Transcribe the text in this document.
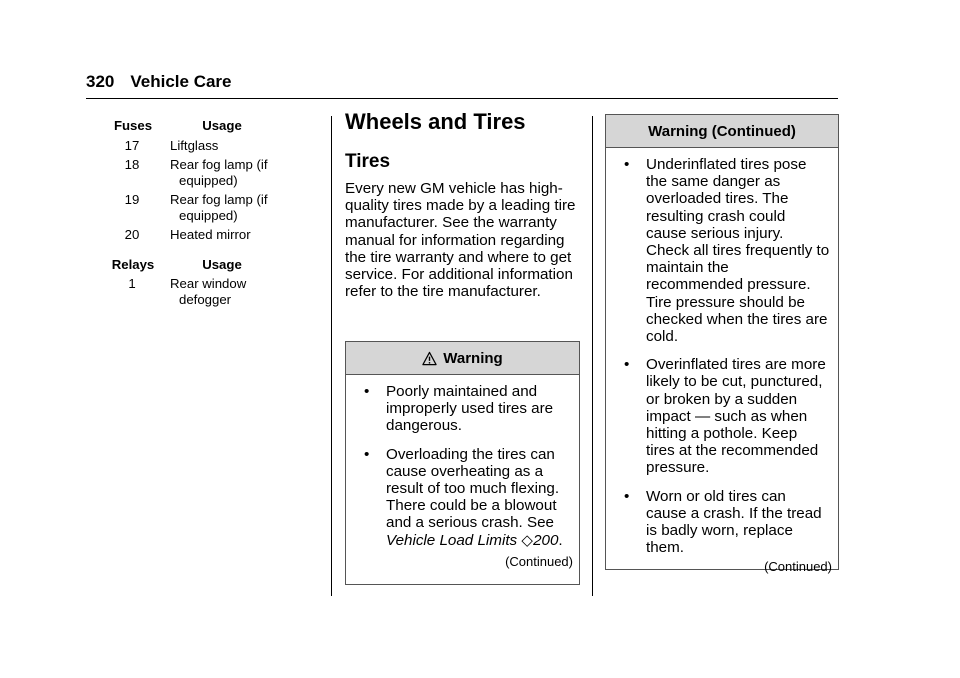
320 Vehicle Care
Fuses	Usage
17	Liftglass
18	Rear fog lamp (if
equipped)
19	Rear fog lamp (if
equipped)
20	Heated mirror
Relays	Usage
1	Rear window
defogger
Wheels and Tires
Tires

Every new GM vehicle has high-quality tires made by a leading tire manufacturer. See the warranty manual for information regarding the tire warranty and where to get service. For additional information refer to the tire manufacturer.

Warning
• Poorly maintained and improperly used tires are dangerous.
• Overloading the tires can cause overheating as a result of too much flexing. There could be a blowout and a serious crash. See Vehicle Load Limits ◇200.
(Continued)
Warning (Continued)
• Underinflated tires pose the same danger as overloaded tires. The resulting crash could cause serious injury. Check all tires frequently to maintain the recommended pressure. Tire pressure should be checked when the tires are cold.
• Overinflated tires are more likely to be cut, punctured, or broken by a sudden impact — such as when hitting a pothole. Keep tires at the recommended pressure.
• Worn or old tires can cause a crash. If the tread is badly worn, replace them.
(Continued)
